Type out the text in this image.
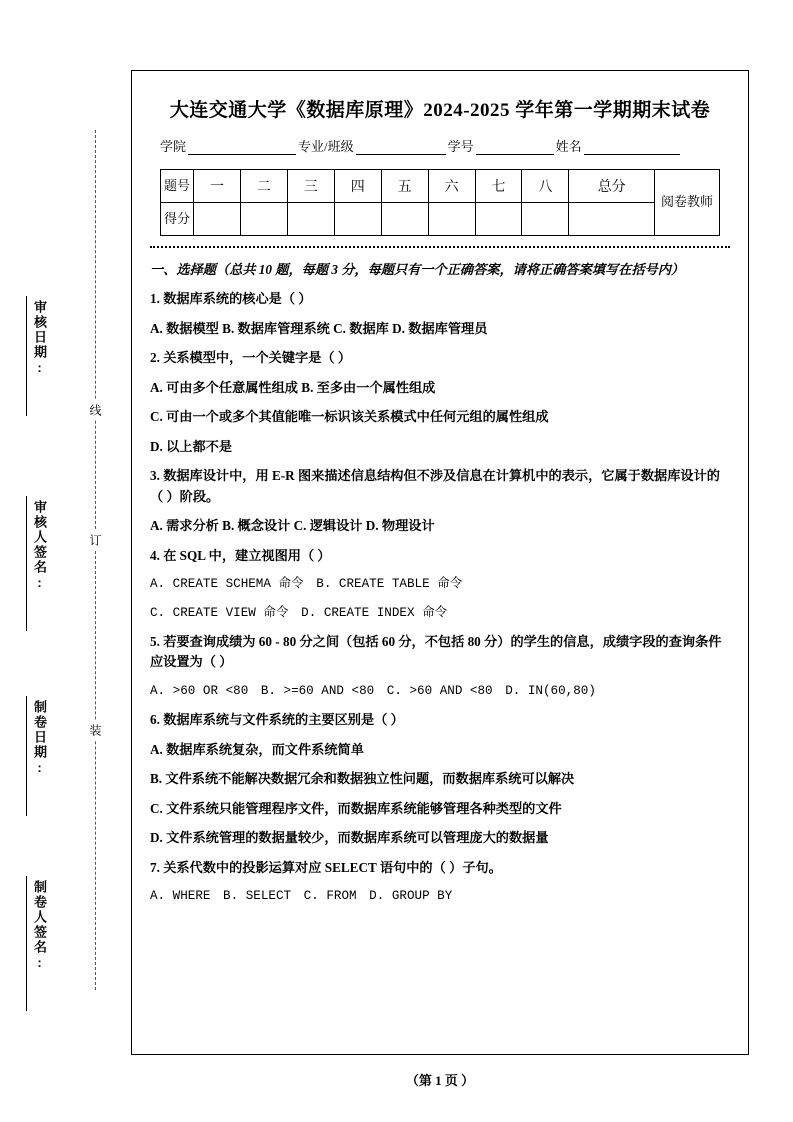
审核日期:
审核人签名:
制卷日期:
制卷人签名:
装
订
线
大连交通大学《数据库原理》2024‑2025 学年第一学期期末试卷
学院	专业/班级	学号	姓名
题号	一	二	三	四	五	六	七	八	总分	阅卷教师
得分										

一、选择题（总共 10 题，每题 3 分，每题只有一个正确答案，请将正确答案填写在括号内）

1. 数据库系统的核心是（ ）

A. 数据模型 B. 数据库管理系统 C. 数据库 D. 数据库管理员

2. 关系模型中，一个关键字是（ ）

A. 可由多个任意属性组成 B. 至多由一个属性组成

C. 可由一个或多个其值能唯一标识该关系模式中任何元组的属性组成

D. 以上都不是

3. 数据库设计中，用 E-R 图来描述信息结构但不涉及信息在计算机中的表示，它属于数据库设计的（ ）阶段。

A. 需求分析 B. 概念设计 C. 逻辑设计 D. 物理设计

4. 在 SQL 中，建立视图用（ ）

A. CREATE SCHEMA 命令　B. CREATE TABLE 命令

C. CREATE VIEW 命令　D. CREATE INDEX 命令

5. 若要查询成绩为 60 - 80 分之间（包括 60 分，不包括 80 分）的学生的信息，成绩字段的查询条件应设置为（ ）

A. >60 OR <80　B. >=60 AND <80　C. >60 AND <80　D. IN(60,80)

6. 数据库系统与文件系统的主要区别是（ ）

A. 数据库系统复杂，而文件系统简单

B. 文件系统不能解决数据冗余和数据独立性问题，而数据库系统可以解决

C. 文件系统只能管理程序文件，而数据库系统能够管理各种类型的文件

D. 文件系统管理的数据量较少，而数据库系统可以管理庞大的数据量

7. 关系代数中的投影运算对应 SELECT 语句中的（ ）子句。

A. WHERE　B. SELECT　C. FROM　D. GROUP BY

（第 1 页 ）
